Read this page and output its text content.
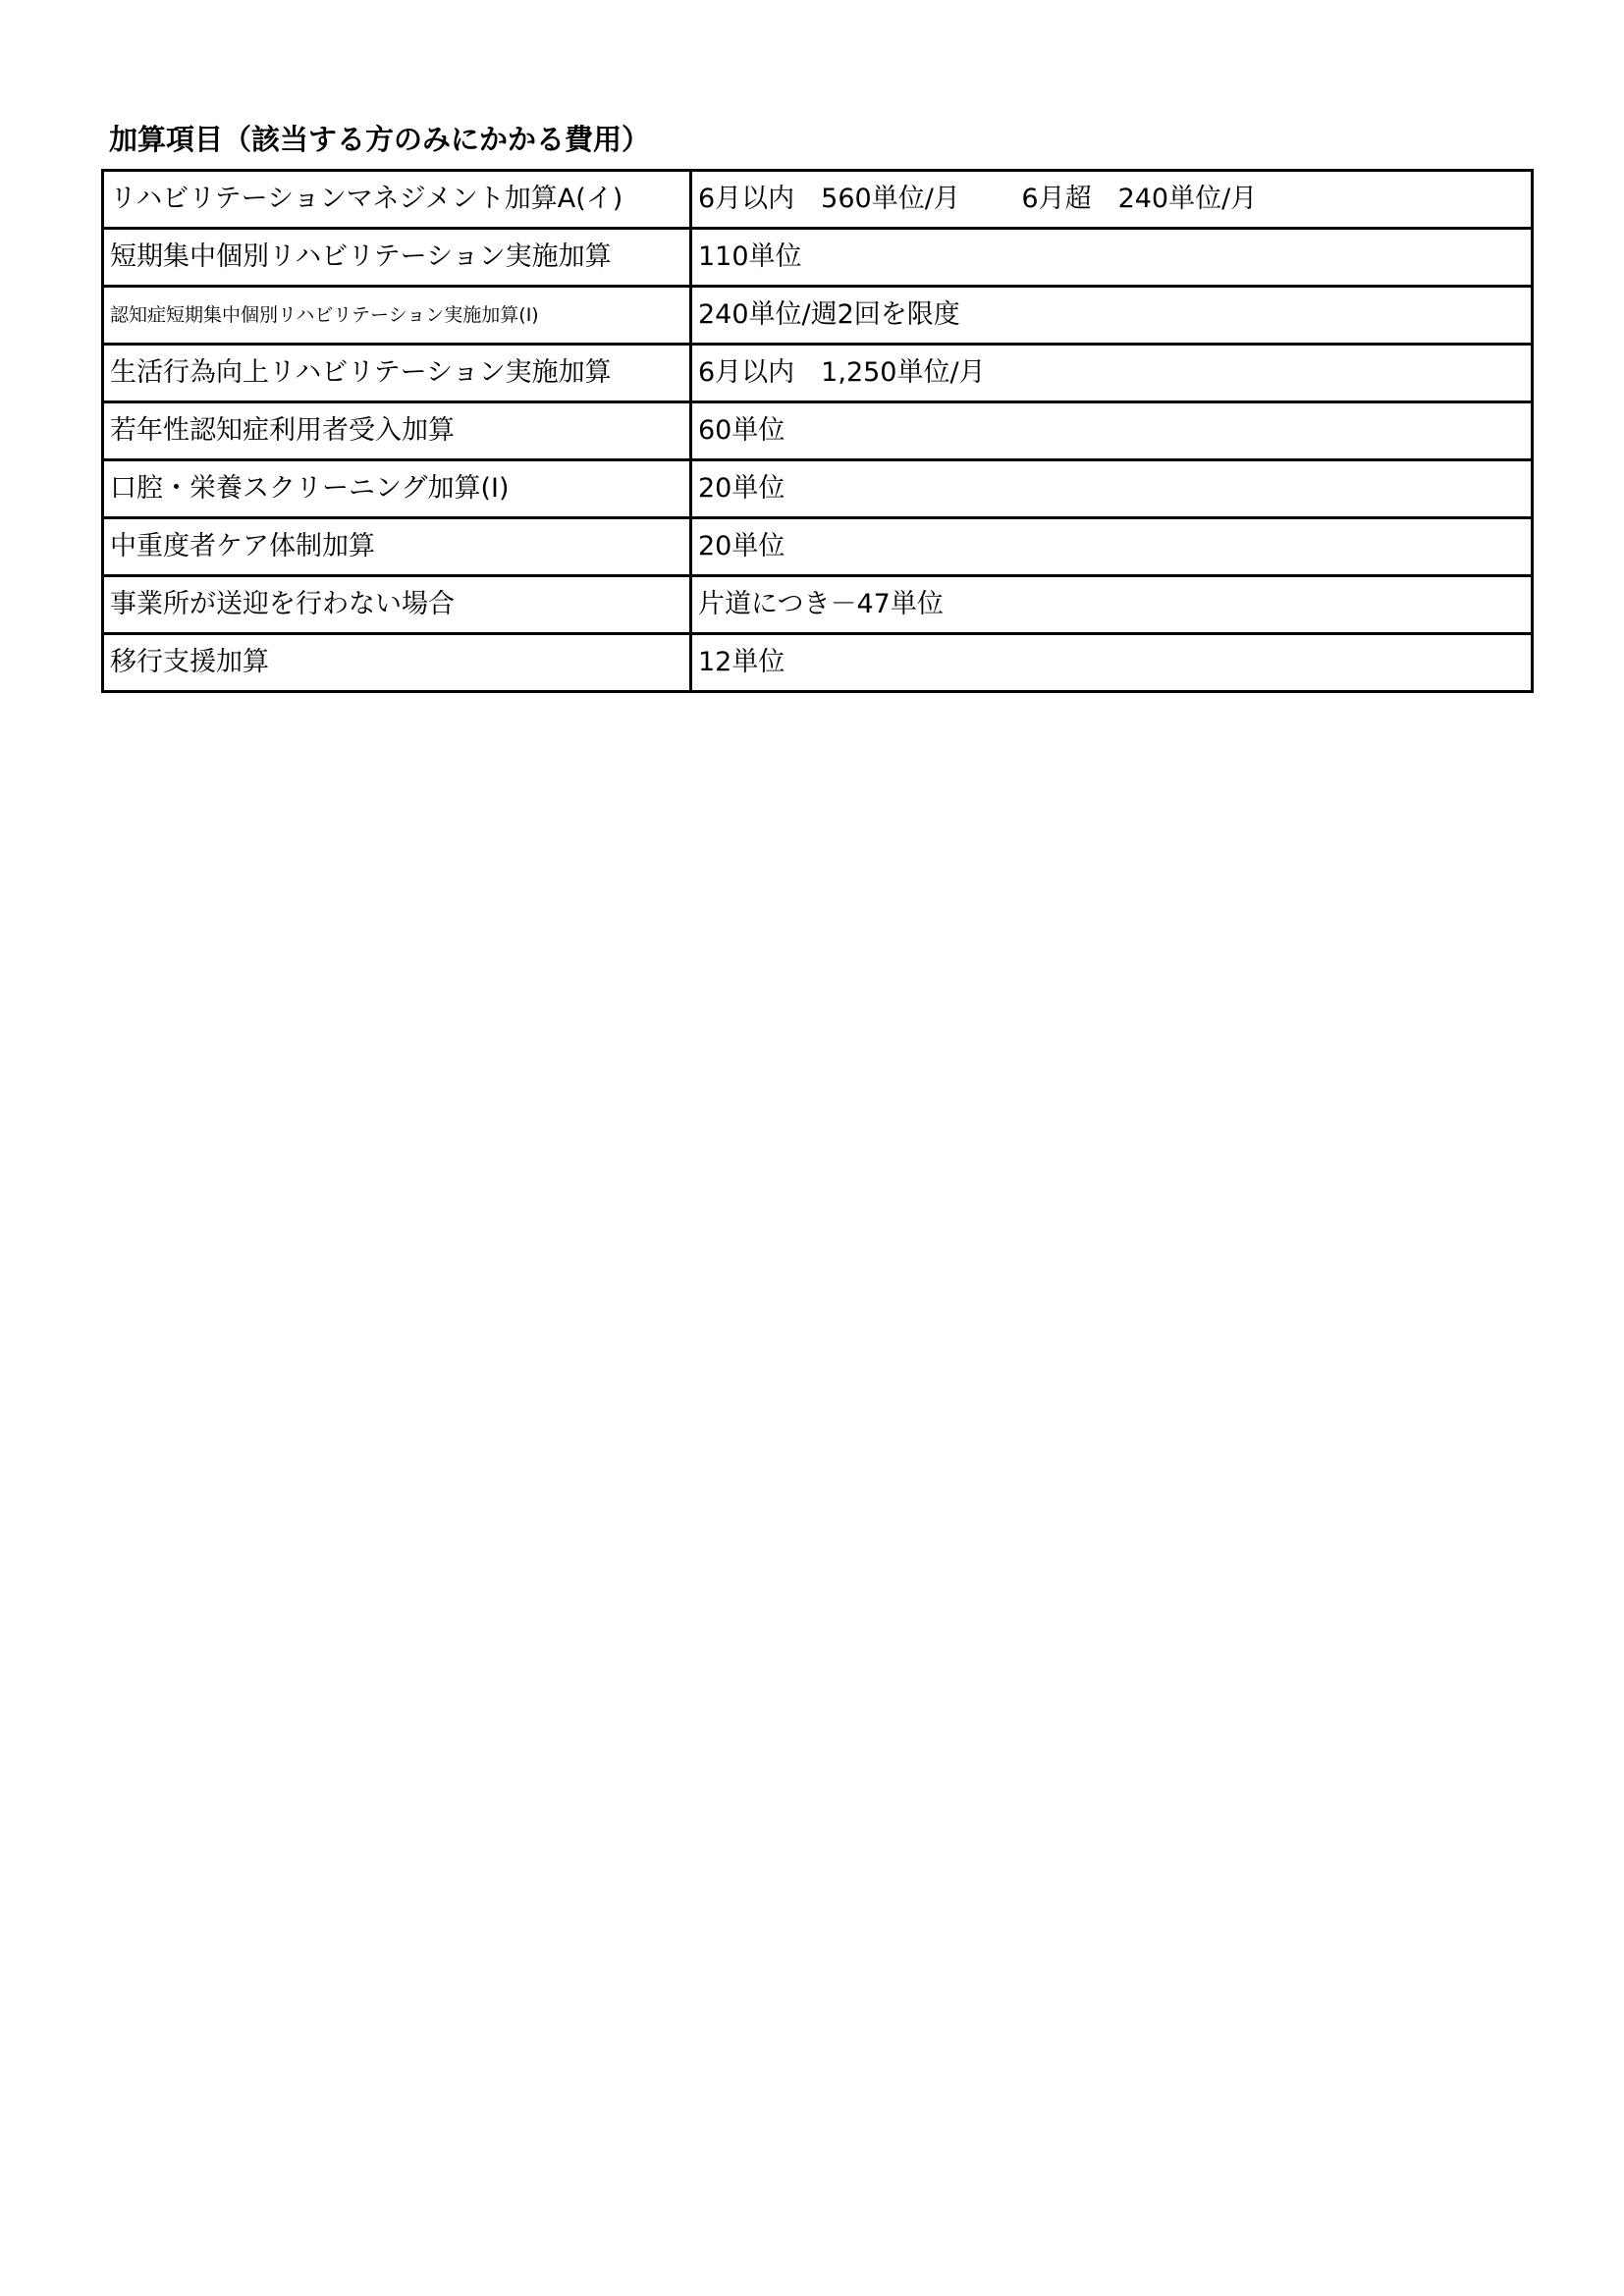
加算項目（該当する方のみにかかる費用）
リハビリテーションマネジメント加算A(イ)	6月以内　560単位/月　　 6月超　240単位/月
短期集中個別リハビリテーション実施加算	110単位
認知症短期集中個別リハビリテーション実施加算(Ⅰ)	240単位/週2回を限度
生活行為向上リハビリテーション実施加算	6月以内　1,250単位/月
若年性認知症利用者受入加算	60単位
口腔・栄養スクリーニング加算(Ⅰ)	20単位
中重度者ケア体制加算	20単位
事業所が送迎を行わない場合	片道につき－47単位
移行支援加算	12単位
